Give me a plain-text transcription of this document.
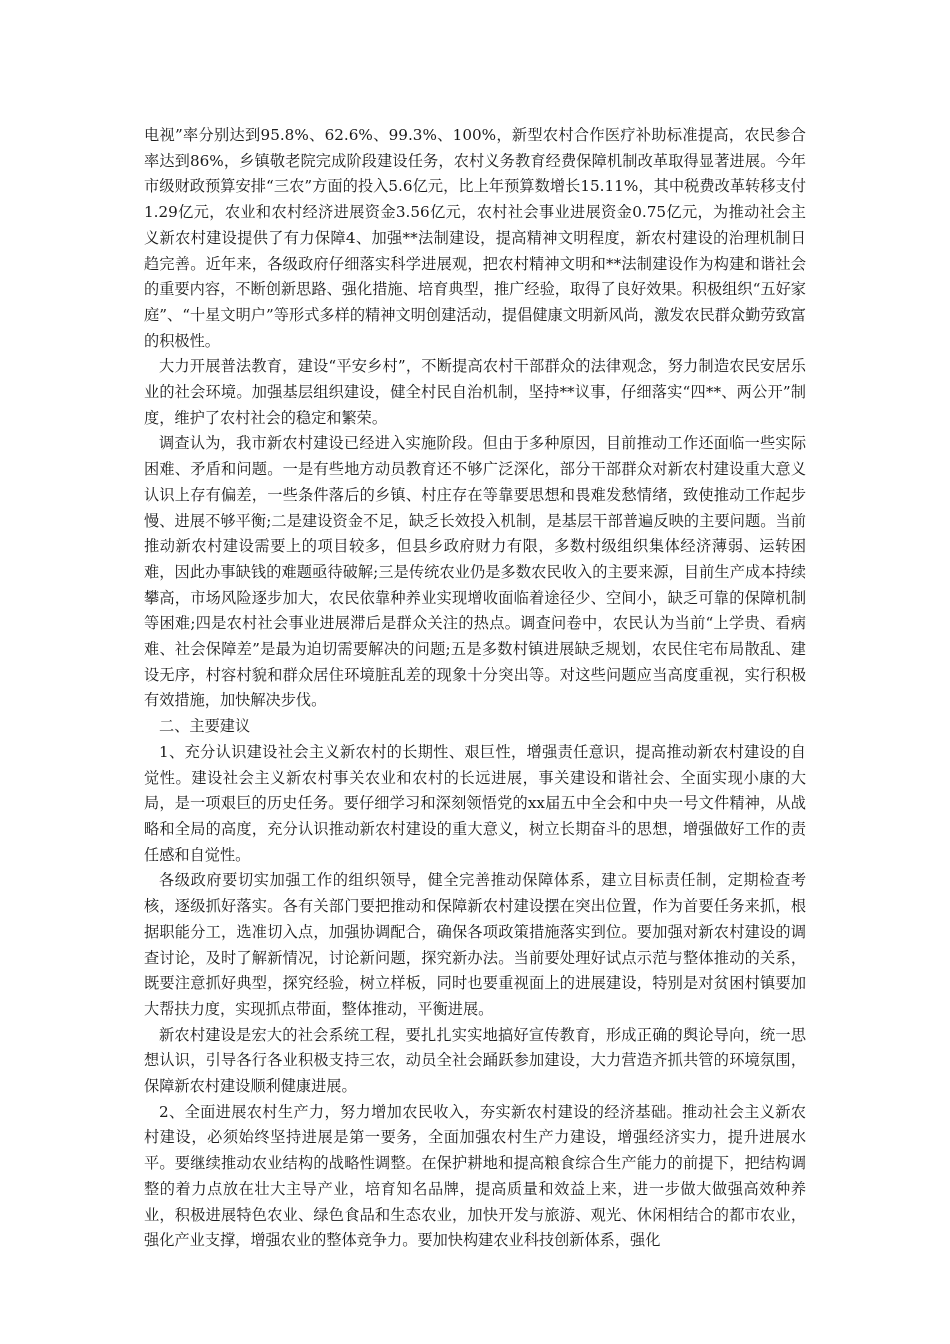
电视”率分别达到95.8%、62.6%、99.3%、100%，新型农村合作医疗补助标准提高，农民参合率达到86%，乡镇敬老院完成阶段建设任务，农村义务教育经费保障机制改革取得显著进展。今年市级财政预算安排“三农”方面的投入5.6亿元，比上年预算数增长15.11%，其中税费改革转移支付1.29亿元，农业和农村经济进展资金3.56亿元，农村社会事业进展资金0.75亿元，为推动社会主义新农村建设提供了有力保障4、加强**法制建设，提高精神文明程度，新农村建设的治理机制日趋完善。近年来，各级政府仔细落实科学进展观，把农村精神文明和**法制建设作为构建和谐社会的重要内容，不断创新思路、强化措施、培育典型，推广经验，取得了良好效果。积极组织“五好家庭”、“十星文明户”等形式多样的精神文明创建活动，提倡健康文明新风尚，激发农民群众勤劳致富的积极性。

大力开展普法教育，建设“平安乡村”，不断提高农村干部群众的法律观念，努力制造农民安居乐业的社会环境。加强基层组织建设，健全村民自治机制，坚持**议事，仔细落实“四**、两公开”制度，维护了农村社会的稳定和繁荣。

调查认为，我市新农村建设已经进入实施阶段。但由于多种原因，目前推动工作还面临一些实际困难、矛盾和问题。一是有些地方动员教育还不够广泛深化，部分干部群众对新农村建设重大意义认识上存有偏差，一些条件落后的乡镇、村庄存在等靠要思想和畏难发愁情绪，致使推动工作起步慢、进展不够平衡;二是建设资金不足，缺乏长效投入机制，是基层干部普遍反映的主要问题。当前推动新农村建设需要上的项目较多，但县乡政府财力有限，多数村级组织集体经济薄弱、运转困难，因此办事缺钱的难题亟待破解;三是传统农业仍是多数农民收入的主要来源，目前生产成本持续攀高，市场风险逐步加大，农民依靠种养业实现增收面临着途径少、空间小，缺乏可靠的保障机制等困难;四是农村社会事业进展滞后是群众关注的热点。调查问卷中，农民认为当前“上学贵、看病难、社会保障差”是最为迫切需要解决的问题;五是多数村镇进展缺乏规划，农民住宅布局散乱、建设无序，村容村貌和群众居住环境脏乱差的现象十分突出等。对这些问题应当高度重视，实行积极有效措施，加快解决步伐。

二、主要建议

1、充分认识建设社会主义新农村的长期性、艰巨性，增强责任意识，提高推动新农村建设的自觉性。建设社会主义新农村事关农业和农村的长远进展，事关建设和谐社会、全面实现小康的大局，是一项艰巨的历史任务。要仔细学习和深刻领悟党的xx届五中全会和中央一号文件精神，从战略和全局的高度，充分认识推动新农村建设的重大意义，树立长期奋斗的思想，增强做好工作的责任感和自觉性。

各级政府要切实加强工作的组织领导，健全完善推动保障体系，建立目标责任制，定期检查考核，逐级抓好落实。各有关部门要把推动和保障新农村建设摆在突出位置，作为首要任务来抓，根据职能分工，选准切入点，加强协调配合，确保各项政策措施落实到位。要加强对新农村建设的调查讨论，及时了解新情况，讨论新问题，探究新办法。当前要处理好试点示范与整体推动的关系，既要注意抓好典型，探究经验，树立样板，同时也要重视面上的进展建设，特别是对贫困村镇要加大帮扶力度，实现抓点带面，整体推动，平衡进展。

新农村建设是宏大的社会系统工程，要扎扎实实地搞好宣传教育，形成正确的舆论导向，统一思想认识，引导各行各业积极支持三农，动员全社会踊跃参加建设，大力营造齐抓共管的环境氛围，保障新农村建设顺利健康进展。

2、全面进展农村生产力，努力增加农民收入，夯实新农村建设的经济基础。推动社会主义新农村建设，必须始终坚持进展是第一要务，全面加强农村生产力建设，增强经济实力，提升进展水平。要继续推动农业结构的战略性调整。在保护耕地和提高粮食综合生产能力的前提下，把结构调整的着力点放在壮大主导产业，培育知名品牌，提高质量和效益上来，进一步做大做强高效种养业，积极进展特色农业、绿色食品和生态农业，加快开发与旅游、观光、休闲相结合的都市农业，强化产业支撑，增强农业的整体竞争力。要加快构建农业科技创新体系，强化
